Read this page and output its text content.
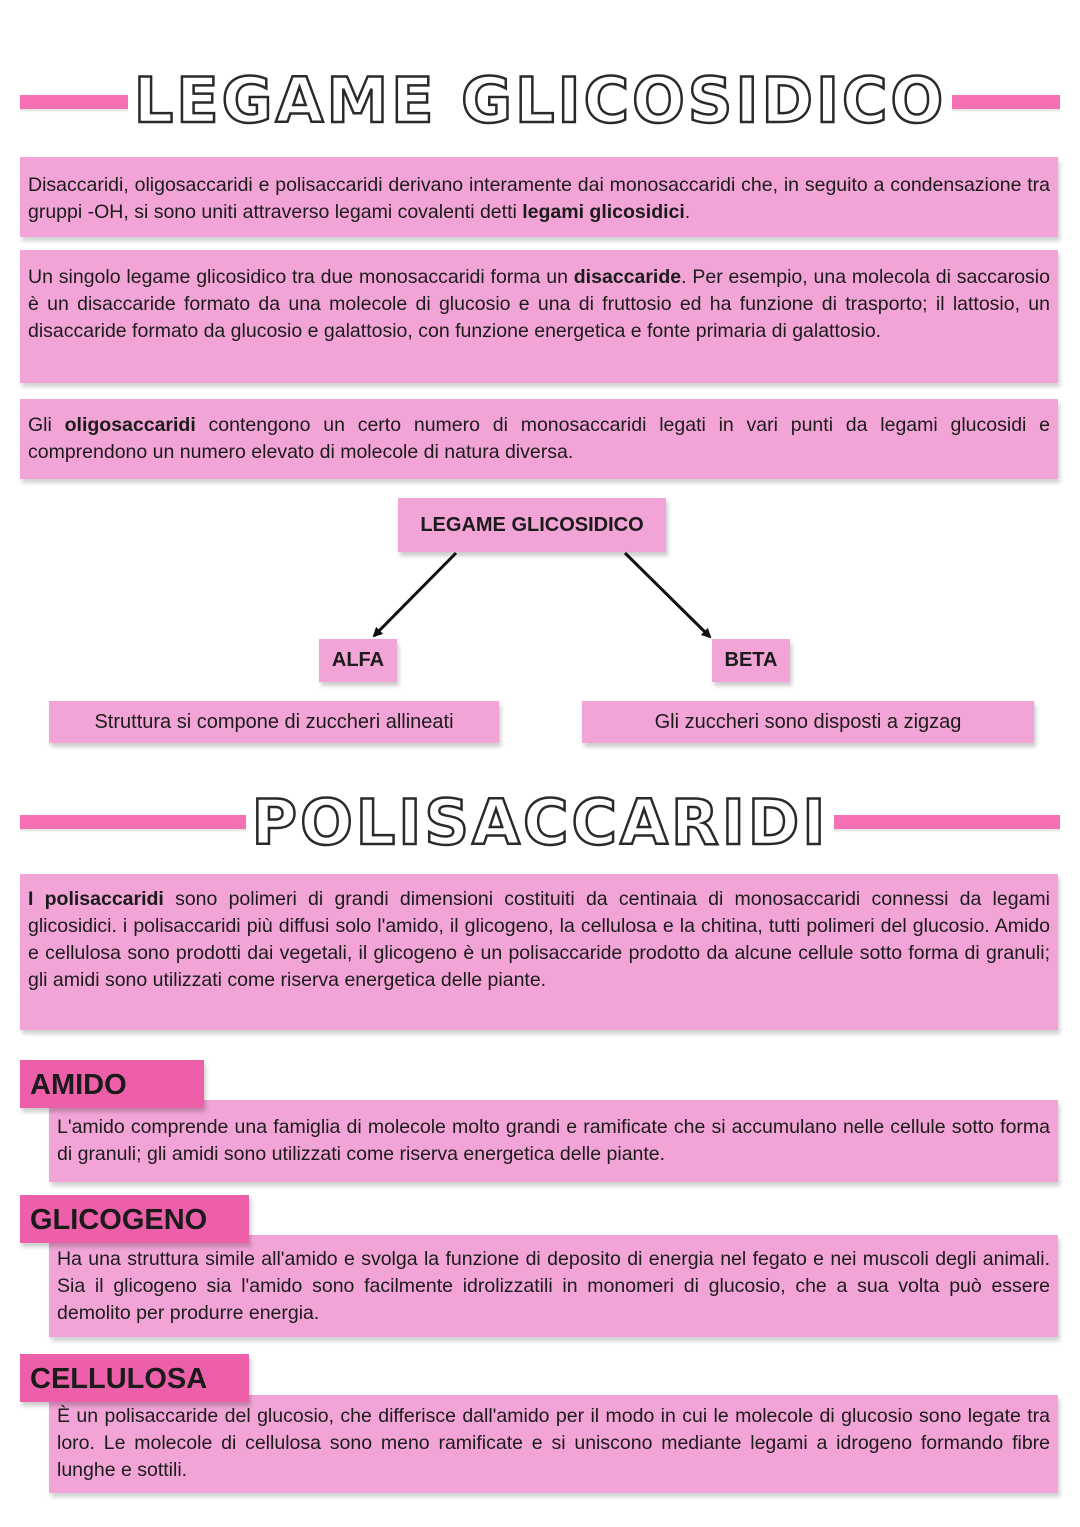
LEGAME GLICOSIDICO
Disaccaridi, oligosaccaridi e polisaccaridi derivano interamente dai monosaccaridi che, in seguito a condensazione tra gruppi -OH, si sono uniti attraverso legami covalenti detti legami glicosidici.
Un singolo legame glicosidico tra due monosaccaridi forma un disaccaride. Per esempio, una molecola di saccarosio è un disaccaride formato da una molecole di glucosio e una di fruttosio ed ha funzione di trasporto; il lattosio, un disaccaride formato da glucosio e galattosio, con funzione energetica e fonte primaria di galattosio.
Gli oligosaccaridi contengono un certo numero di monosaccaridi legati in vari punti da legami glucosidi e comprendono un numero elevato di molecole di natura diversa.
LEGAME GLICOSIDICO
ALFA	BETA
Struttura si compone di zuccheri allineati	Gli zuccheri sono disposti a zigzag
POLISACCARIDI
I polisaccaridi sono polimeri di grandi dimensioni costituiti da centinaia di monosaccaridi connessi da legami glicosidici. i polisaccaridi più diffusi solo l'amido, il glicogeno, la cellulosa e la chitina, tutti polimeri del glucosio. Amido e cellulosa sono prodotti dai vegetali, il glicogeno è un polisaccaride prodotto da alcune cellule sotto forma di granuli; gli amidi sono utilizzati come riserva energetica delle piante.
L'amido comprende una famiglia di molecole molto grandi e ramificate che si accumulano nelle cellule sotto forma di granuli; gli amidi sono utilizzati come riserva energetica delle piante.
AMIDO
Ha una struttura simile all'amido e svolga la funzione di deposito di energia nel fegato e nei muscoli degli animali. Sia il glicogeno sia l'amido sono facilmente idrolizzatili in monomeri di glucosio, che a sua volta può essere demolito per produrre energia.
GLICOGENO
È un polisaccaride del glucosio, che differisce dall'amido per il modo in cui le molecole di glucosio sono legate tra loro. Le molecole di cellulosa sono meno ramificate e si uniscono mediante legami a idrogeno formando fibre lunghe e sottili.
CELLULOSA
